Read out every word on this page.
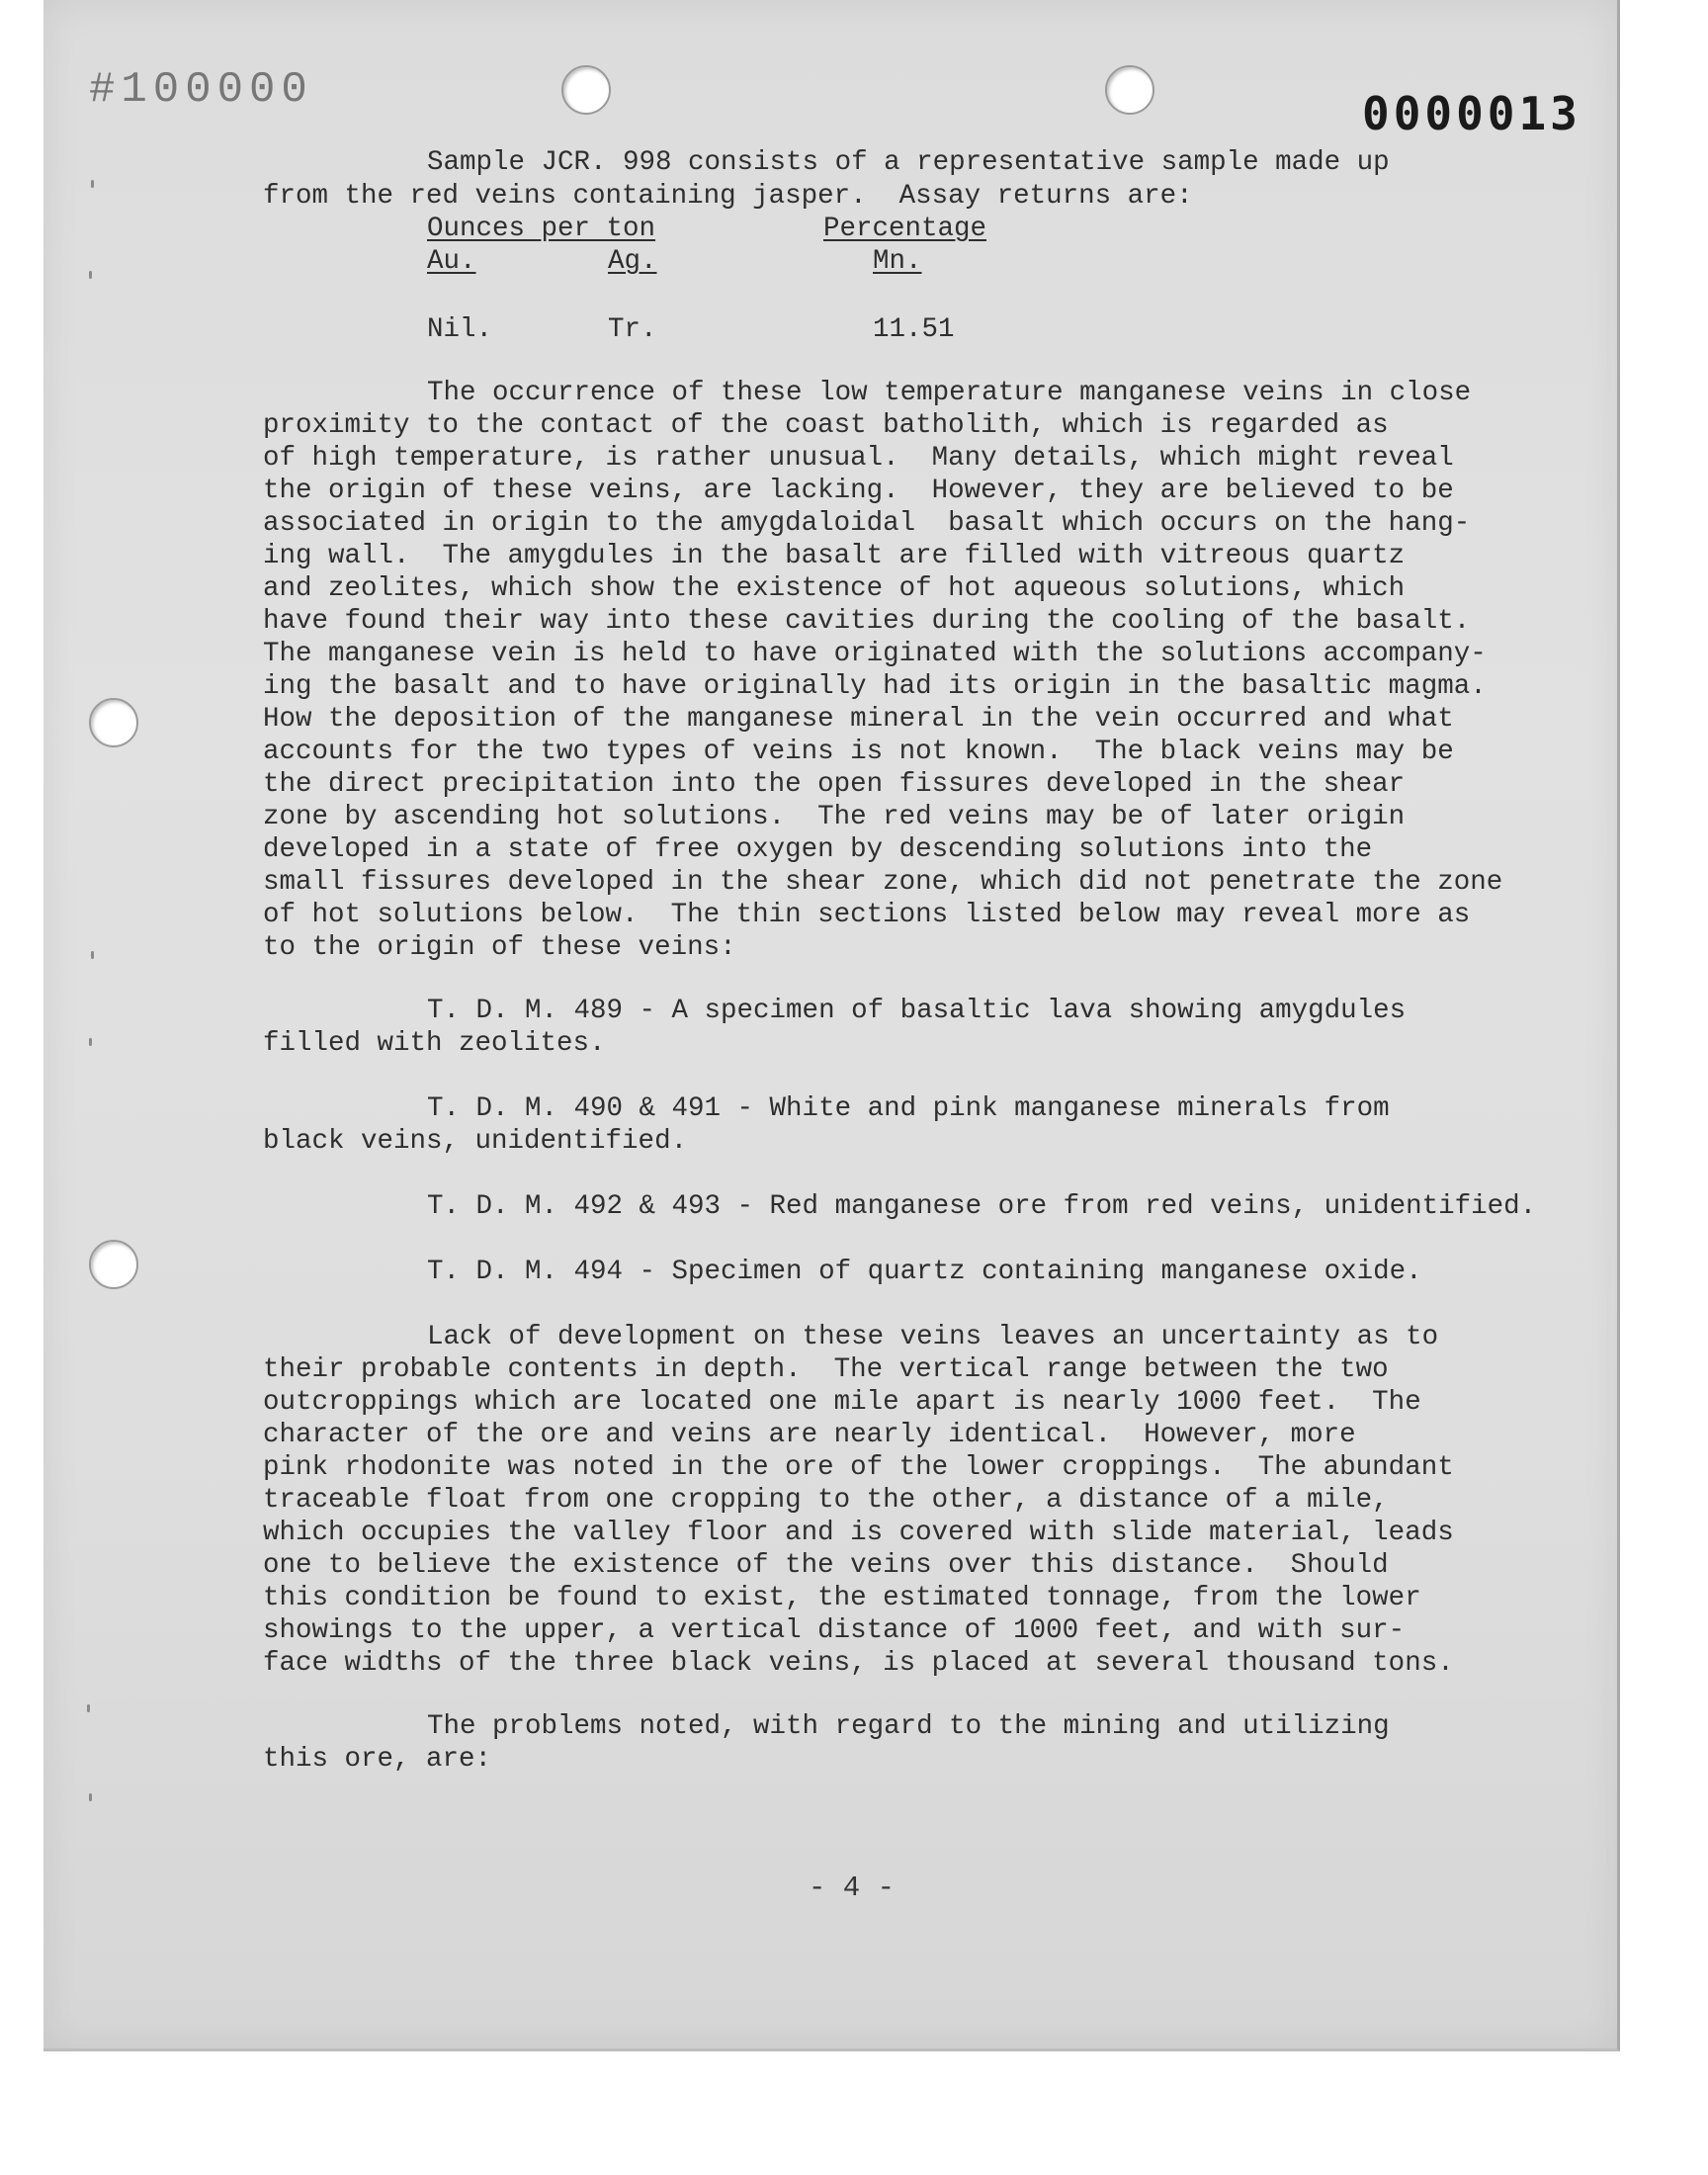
#100000	0000013
Sample JCR. 998 consists of a representative sample made up
from the red veins containing jasper.  Assay returns are:
Ounces per ton	Percentage
Au.	Ag.	Mn.
Nil.	Tr.	11.51
The occurrence of these low temperature manganese veins in close
proximity to the contact of the coast batholith, which is regarded as
of high temperature, is rather unusual.  Many details, which might reveal
the origin of these veins, are lacking.  However, they are believed to be
associated in origin to the amygdaloidal  basalt which occurs on the hang-
ing wall.  The amygdules in the basalt are filled with vitreous quartz
and zeolites, which show the existence of hot aqueous solutions, which
have found their way into these cavities during the cooling of the basalt.
The manganese vein is held to have originated with the solutions accompany-
ing the basalt and to have originally had its origin in the basaltic magma.
How the deposition of the manganese mineral in the vein occurred and what
accounts for the two types of veins is not known.  The black veins may be
the direct precipitation into the open fissures developed in the shear
zone by ascending hot solutions.  The red veins may be of later origin
developed in a state of free oxygen by descending solutions into the
small fissures developed in the shear zone, which did not penetrate the zone
of hot solutions below.  The thin sections listed below may reveal more as
to the origin of these veins:
T. D. M. 489 - A specimen of basaltic lava showing amygdules
filled with zeolites.
T. D. M. 490 & 491 - White and pink manganese minerals from
black veins, unidentified.
T. D. M. 492 & 493 - Red manganese ore from red veins, unidentified.
T. D. M. 494 - Specimen of quartz containing manganese oxide.
Lack of development on these veins leaves an uncertainty as to
their probable contents in depth.  The vertical range between the two
outcroppings which are located one mile apart is nearly 1000 feet.  The
character of the ore and veins are nearly identical.  However, more
pink rhodonite was noted in the ore of the lower croppings.  The abundant
traceable float from one cropping to the other, a distance of a mile,
which occupies the valley floor and is covered with slide material, leads
one to believe the existence of the veins over this distance.  Should
this condition be found to exist, the estimated tonnage, from the lower
showings to the upper, a vertical distance of 1000 feet, and with sur-
face widths of the three black veins, is placed at several thousand tons.
The problems noted, with regard to the mining and utilizing
this ore, are:
- 4 -
